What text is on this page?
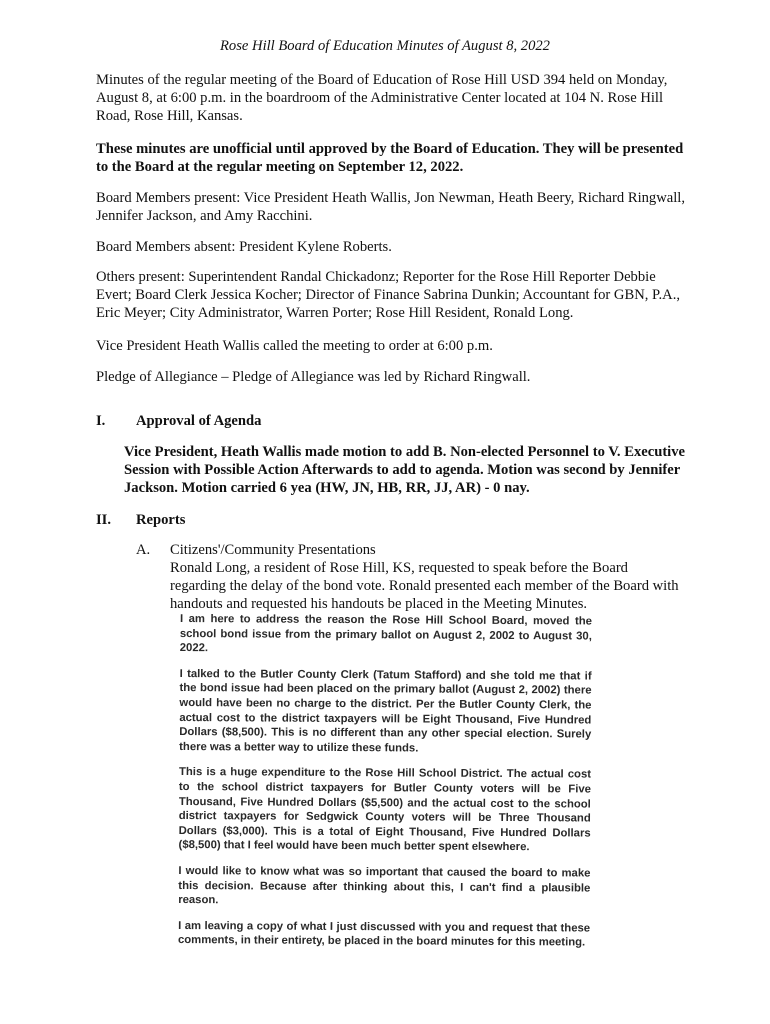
Rose Hill Board of Education Minutes of August 8, 2022

Minutes of the regular meeting of the Board of Education of Rose Hill USD 394 held on Monday, August 8, at 6:00 p.m. in the boardroom of the Administrative Center located at 104 N. Rose Hill Road, Rose Hill, Kansas.

These minutes are unofficial until approved by the Board of Education. They will be presented to the Board at the regular meeting on September 12, 2022.

Board Members present: Vice President Heath Wallis, Jon Newman, Heath Beery, Richard Ringwall, Jennifer Jackson, and Amy Racchini.

Board Members absent: President Kylene Roberts.

Others present: Superintendent Randal Chickadonz; Reporter for the Rose Hill Reporter Debbie Evert; Board Clerk Jessica Kocher; Director of Finance Sabrina Dunkin; Accountant for GBN, P.A., Eric Meyer; City Administrator, Warren Porter; Rose Hill Resident, Ronald Long.

Vice President Heath Wallis called the meeting to order at 6:00 p.m.

Pledge of Allegiance – Pledge of Allegiance was led by Richard Ringwall.

I. Approval of Agenda

Vice President, Heath Wallis made motion to add B. Non-elected Personnel to V. Executive Session with Possible Action Afterwards to add to agenda. Motion was second by Jennifer Jackson. Motion carried 6 yea (HW, JN, HB, RR, JJ, AR) - 0 nay.

II. Reports
A. Citizens'/Community Presentations

Ronald Long, a resident of Rose Hill, KS, requested to speak before the Board regarding the delay of the bond vote. Ronald presented each member of the Board with handouts and requested his handouts be placed in the Meeting Minutes.

I am here to address the reason the Rose Hill School Board, moved the school bond issue from the primary ballot on August 2, 2002 to August 30, 2022.

I talked to the Butler County Clerk (Tatum Stafford) and she told me that if the bond issue had been placed on the primary ballot (August 2, 2002) there would have been no charge to the district. Per the Butler County Clerk, the actual cost to the district taxpayers will be Eight Thousand, Five Hundred Dollars ($8,500). This is no different than any other special election. Surely there was a better way to utilize these funds.

This is a huge expenditure to the Rose Hill School District. The actual cost to the school district taxpayers for Butler County voters will be Five Thousand, Five Hundred Dollars ($5,500) and the actual cost to the school district taxpayers for Sedgwick County voters will be Three Thousand Dollars ($3,000). This is a total of Eight Thousand, Five Hundred Dollars ($8,500) that I feel would have been much better spent elsewhere.

I would like to know what was so important that caused the board to make this decision. Because after thinking about this, I can't find a plausible reason.

I am leaving a copy of what I just discussed with you and request that these comments, in their entirety, be placed in the board minutes for this meeting.
